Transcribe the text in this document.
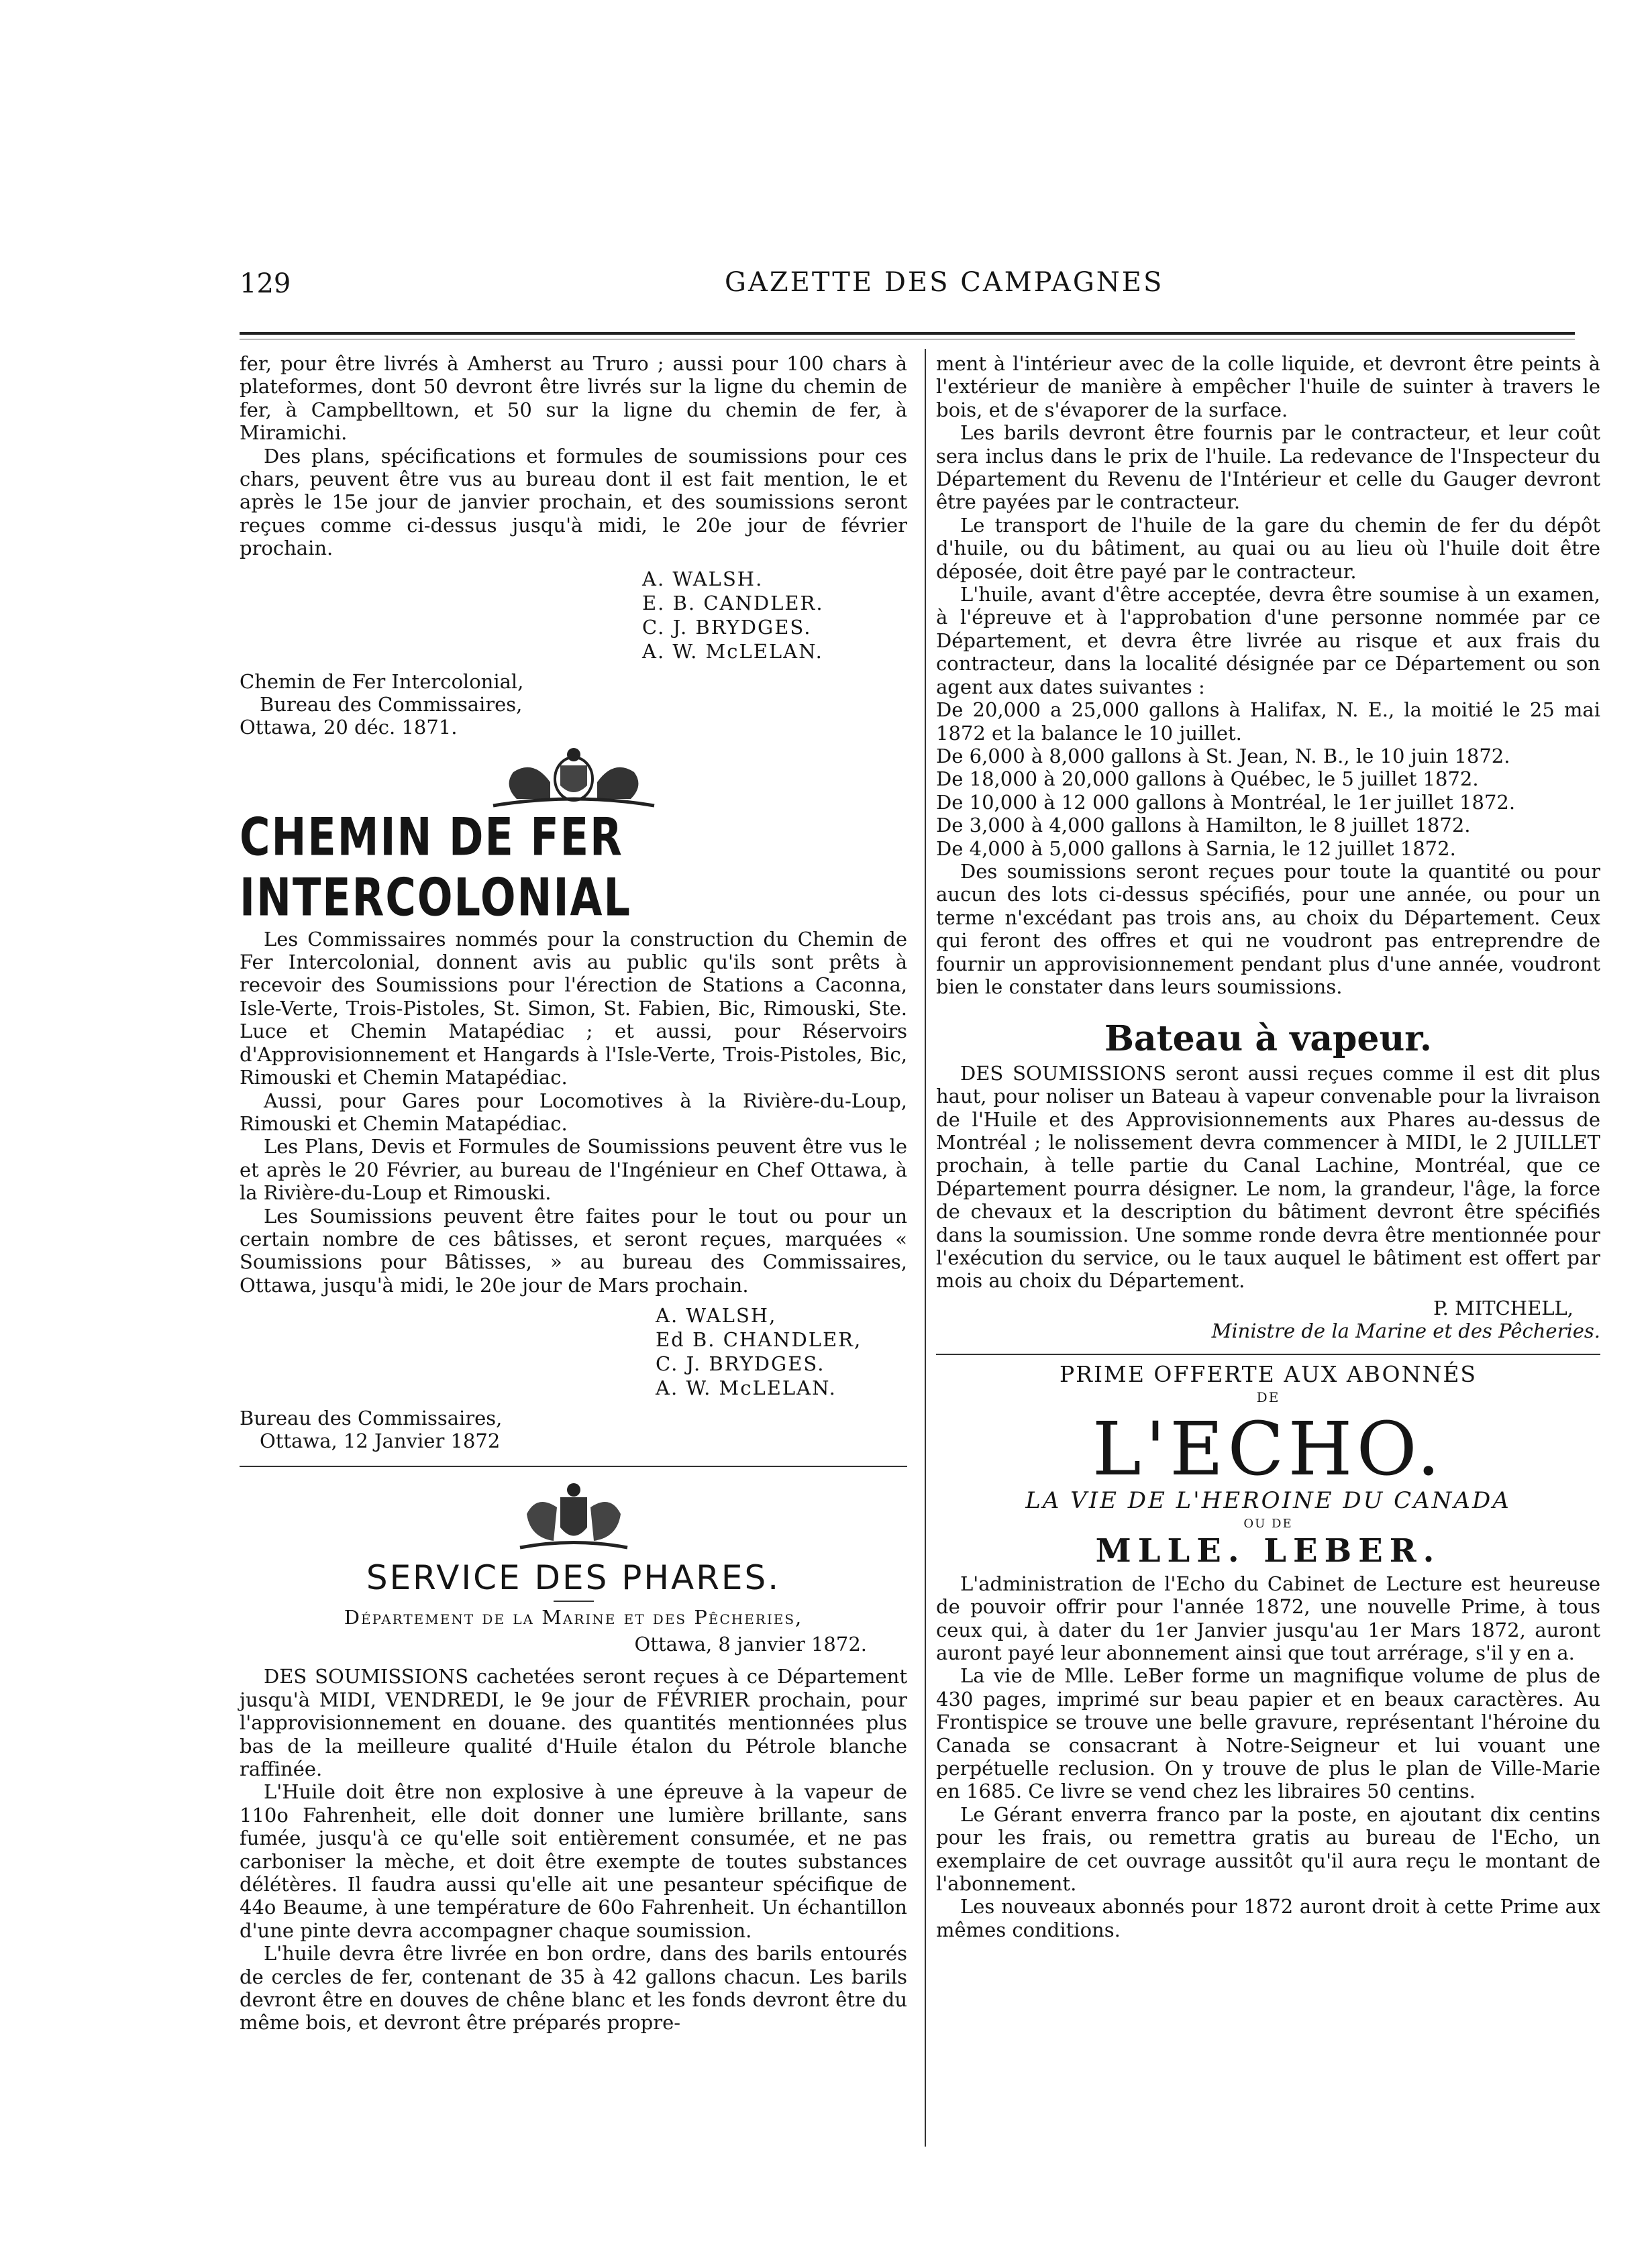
129	GAZETTE DES CAMPAGNES

fer, pour être livrés à Amherst au Truro ; aussi pour 100 chars à plateformes, dont 50 devront être livrés sur la ligne du chemin de fer, à Campbelltown, et 50 sur la ligne du chemin de fer, à Miramichi.

Des plans, spécifications et formules de soumissions pour ces chars, peuvent être vus au bureau dont il est fait mention, le et après le 15e jour de janvier prochain, et des soumissions seront reçues comme ci-dessus jusqu'à midi, le 20e jour de février prochain.

A. WALSH.
E. B. CANDLER.
C. J. BRYDGES.
A. W. McLELAN.
Chemin de Fer Intercolonial,
Bureau des Commissaires,
Ottawa, 20 déc. 1871.
CHEMIN DE FER INTERCOLONIAL

Les Commissaires nommés pour la construction du Chemin de Fer Intercolonial, donnent avis au public qu'ils sont prêts à recevoir des Soumissions pour l'érection de Stations a Caconna, Isle-Verte, Trois-Pistoles, St. Simon, St. Fabien, Bic, Rimouski, Ste. Luce et Chemin Matapédiac ; et aussi, pour Réservoirs d'Approvisionnement et Hangards à l'Isle-Verte, Trois-Pistoles, Bic, Rimouski et Chemin Matapédiac.

Aussi, pour Gares pour Locomotives à la Rivière-du-Loup, Rimouski et Chemin Matapédiac.

Les Plans, Devis et Formules de Soumissions peuvent être vus le et après le 20 Février, au bureau de l'Ingénieur en Chef Ottawa, à la Rivière-du-Loup et Rimouski.

Les Soumissions peuvent être faites pour le tout ou pour un certain nombre de ces bâtisses, et seront reçues, marquées « Soumissions pour Bâtisses, » au bureau des Commissaires, Ottawa, jusqu'à midi, le 20e jour de Mars prochain.

A. WALSH,
Ed B. CHANDLER,
C. J. BRYDGES.
A. W. McLELAN.
Bureau des Commissaires,
Ottawa, 12 Janvier 1872
SERVICE DES PHARES.
Département de la Marine et des Pêcheries,
Ottawa, 8 janvier 1872.

DES SOUMISSIONS cachetées seront reçues à ce Département jusqu'à MIDI, VENDREDI, le 9e jour de FÉVRIER prochain, pour l'approvisionnement en douane. des quantités mentionnées plus bas de la meilleure qualité d'Huile étalon du Pétrole blanche raffinée.

L'Huile doit être non explosive à une épreuve à la vapeur de 110o Fahrenheit, elle doit donner une lumière brillante, sans fumée, jusqu'à ce qu'elle soit entièrement consumée, et ne pas carboniser la mèche, et doit être exempte de toutes substances délétères. Il faudra aussi qu'elle ait une pesanteur spécifique de 44o Beaume, à une température de 60o Fahrenheit. Un échantillon d'une pinte devra accompagner chaque soumission.

L'huile devra être livrée en bon ordre, dans des barils entourés de cercles de fer, contenant de 35 à 42 gallons chacun. Les barils devront être en douves de chêne blanc et les fonds devront être du même bois, et devront être préparés propre-

ment à l'intérieur avec de la colle liquide, et devront être peints à l'extérieur de manière à empêcher l'huile de suinter à travers le bois, et de s'évaporer de la surface.

Les barils devront être fournis par le contracteur, et leur coût sera inclus dans le prix de l'huile. La redevance de l'Inspecteur du Département du Revenu de l'Intérieur et celle du Gauger devront être payées par le contracteur.

Le transport de l'huile de la gare du chemin de fer du dépôt d'huile, ou du bâtiment, au quai ou au lieu où l'huile doit être déposée, doit être payé par le contracteur.

L'huile, avant d'être acceptée, devra être soumise à un examen, à l'épreuve et à l'approbation d'une personne nommée par ce Département, et devra être livrée au risque et aux frais du contracteur, dans la localité désignée par ce Département ou son agent aux dates suivantes :

De 20,000 a 25,000 gallons à Halifax, N. E., la moitié le 25 mai 1872 et la balance le 10 juillet.

De 6,000 à 8,000 gallons à St. Jean, N. B., le 10 juin 1872.

De 18,000 à 20,000 gallons à Québec, le 5 juillet 1872.

De 10,000 à 12 000 gallons à Montréal, le 1er juillet 1872.

De 3,000 à 4,000 gallons à Hamilton, le 8 juillet 1872.

De 4,000 à 5,000 gallons à Sarnia, le 12 juillet 1872.

Des soumissions seront reçues pour toute la quantité ou pour aucun des lots ci-dessus spécifiés, pour une année, ou pour un terme n'excédant pas trois ans, au choix du Département. Ceux qui feront des offres et qui ne voudront pas entreprendre de fournir un approvisionnement pendant plus d'une année, voudront bien le constater dans leurs soumissions.

Bateau à vapeur.

DES SOUMISSIONS seront aussi reçues comme il est dit plus haut, pour noliser un Bateau à vapeur convenable pour la livraison de l'Huile et des Approvisionnements aux Phares au-dessus de Montréal ; le nolissement devra commencer à MIDI, le 2 JUILLET prochain, à telle partie du Canal Lachine, Montréal, que ce Département pourra désigner. Le nom, la grandeur, l'âge, la force de chevaux et la description du bâtiment devront être spécifiés dans la soumission. Une somme ronde devra être mentionnée pour l'exécution du service, ou le taux auquel le bâtiment est offert par mois au choix du Département.

P. MITCHELL,
Ministre de la Marine et des Pêcheries.
PRIME OFFERTE AUX ABONNÉS
DE
L'ECHO.
LA VIE DE L'HEROINE DU CANADA
OU DE
MLLE. LEBER.

L'administration de l'Echo du Cabinet de Lecture est heureuse de pouvoir offrir pour l'année 1872, une nouvelle Prime, à tous ceux qui, à dater du 1er Janvier jusqu'au 1er Mars 1872, auront auront payé leur abonnement ainsi que tout arrérage, s'il y en a.

La vie de Mlle. LeBer forme un magnifique volume de plus de 430 pages, imprimé sur beau papier et en beaux caractères. Au Frontispice se trouve une belle gravure, représentant l'héroine du Canada se consacrant à Notre-Seigneur et lui vouant une perpétuelle reclusion. On y trouve de plus le plan de Ville-Marie en 1685. Ce livre se vend chez les libraires 50 centins.

Le Gérant enverra franco par la poste, en ajoutant dix centins pour les frais, ou remettra gratis au bureau de l'Echo, un exemplaire de cet ouvrage aussitôt qu'il aura reçu le montant de l'abonnement.

Les nouveaux abonnés pour 1872 auront droit à cette Prime aux mêmes conditions.
